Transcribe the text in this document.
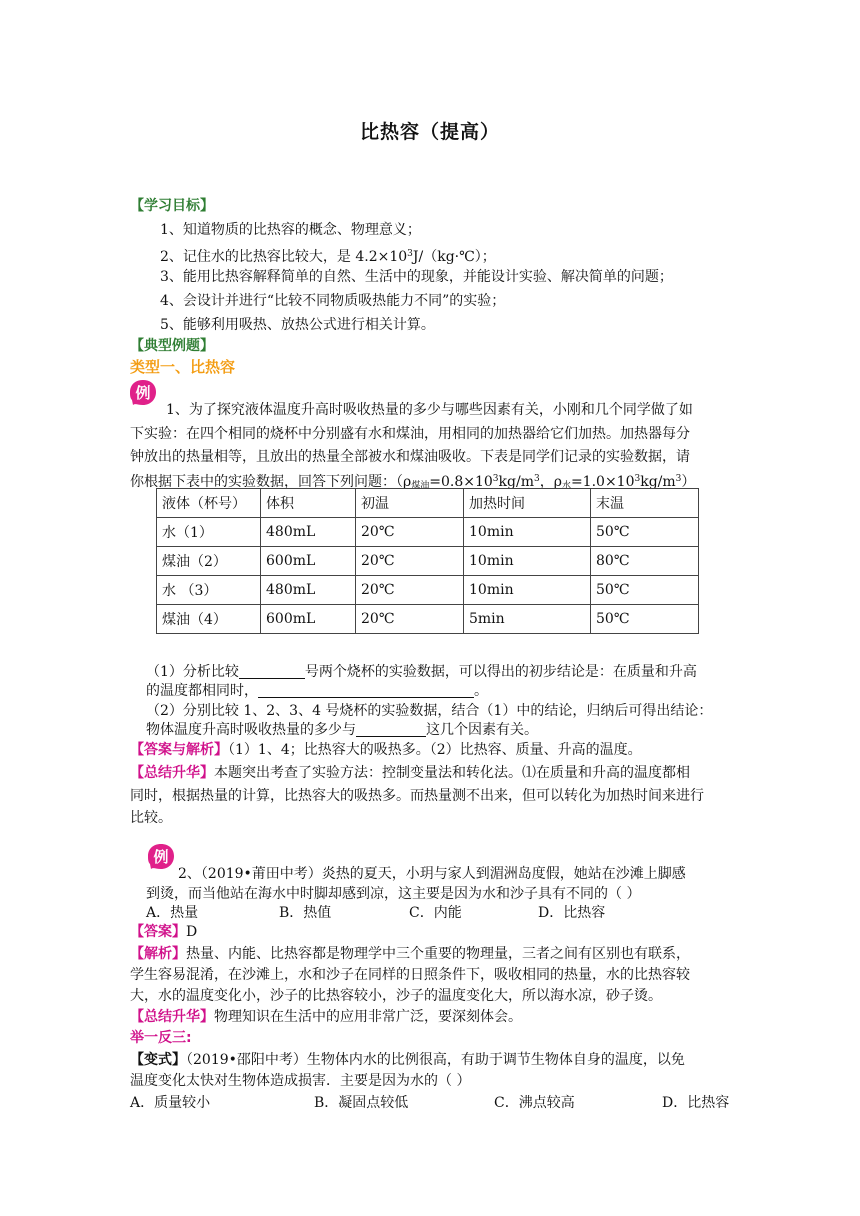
比热容（提高）
【学习目标】
1、知道物质的比热容的概念、物理意义；
2、记住水的比热容比较大，是 $4.2\times 10^3J/(kg\cdot℃)$；
3、能用比热容解释简单的自然、生活中的现象，并能设计实验、解决简单的问题；
4、会设计并进行“比较不同物质吸热能力不同”的实验；
5、能够利用吸热、放热公式进行相关计算。
【典型例题】
类型一、比热容
例
1、为了探究液体温度升高时吸收热量的多少与哪些因素有关，小刚和几个同学做了如
下实验：在四个相同的烧杯中分别盛有水和煤油，用相同的加热器给它们加热。加热器每分
钟放出的热量相等，且放出的热量全部被水和煤油吸收。下表是同学们记录的实验数据，请
你根据下表中的实验数据，回答下列问题：（$\rho_{煤油}=0.8\times 10^3kg/m^3$，$\rho_水=1.0\times 10^3kg/m^3$）
液体（杯号）	体积	初温	加热时间	末温
水（1）	480mL	20℃	10min	50℃
煤油（2）	600mL	20℃	10min	80℃
水 （3）	480mL	20℃	10min	50℃
煤油（4）	600mL	20℃	5min	50℃
（1）分析比较	号两个烧杯的实验数据，可以得出的初步结论是：在质量和升高
的温度都相同时，	。
（2）分别比较 1、2、3、4 号烧杯的实验数据，结合（1）中的结论，归纳后可得出结论：
物体温度升高时吸收热量的多少与	这几个因素有关。
【答案与解析】（1）1、4；比热容大的吸热多。（2）比热容、质量、升高的温度。
【总结升华】本题突出考查了实验方法：控制变量法和转化法。⑴在质量和升高的温度都相
同时，根据热量的计算，比热容大的吸热多。而热量测不出来，但可以转化为加热时间来进行
比较。
例
2、（2019•莆田中考）炎热的夏天，小玥与家人到湄洲岛度假，她站在沙滩上脚感
到烫，而当他站在海水中时脚却感到凉，这主要是因为水和沙子具有不同的（ ）
A．热量	B．热值	C．内能	D．比热容
【答案】D
【解析】热量、内能、比热容都是物理学中三个重要的物理量，三者之间有区别也有联系，
学生容易混淆，在沙滩上，水和沙子在同样的日照条件下，吸收相同的热量，水的比热容较
大，水的温度变化小，沙子的比热容较小，沙子的温度变化大，所以海水凉，砂子烫。
【总结升华】物理知识在生活中的应用非常广泛，要深刻体会。
举一反三:
【变式】（2019•邵阳中考）生物体内水的比例很高，有助于调节生物体自身的温度，以免
温度变化太快对生物体造成损害．主要是因为水的（ ）
A．质量较小	B．凝固点较低	C．沸点较高	D．比热容
